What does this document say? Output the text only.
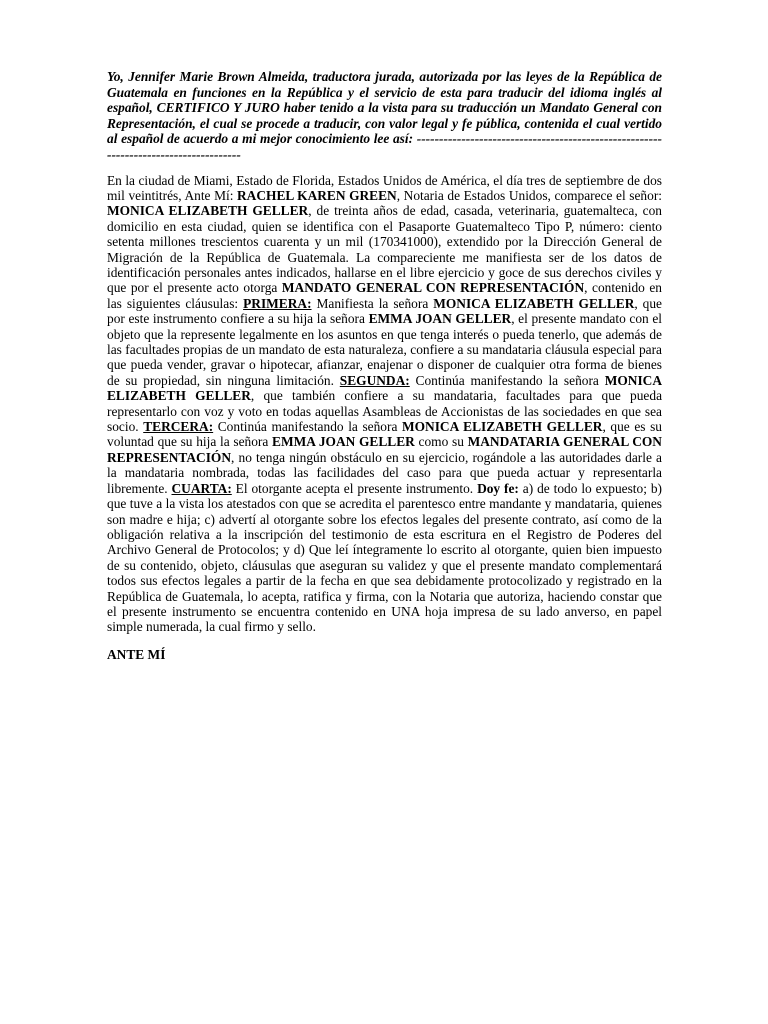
Yo, Jennifer Marie Brown Almeida, traductora jurada, autorizada por las leyes de la República de Guatemala en funciones en la República y el servicio de esta para traducir del idioma inglés al español, CERTIFICO Y JURO haber tenido a la vista para su traducción un Mandato General con Representación, el cual se procede a traducir, con valor legal y fe pública, contenida el cual vertido al español de acuerdo a mi mejor conocimiento lee así: -------------------------------------------------------------------------------------

En la ciudad de Miami, Estado de Florida, Estados Unidos de América, el día tres de septiembre de dos mil veintitrés, Ante Mí: RACHEL KAREN GREEN, Notaria de Estados Unidos, comparece el señor: MONICA ELIZABETH GELLER, de treinta años de edad, casada, veterinaria, guatemalteca, con domicilio en esta ciudad, quien se identifica con el Pasaporte Guatemalteco Tipo P, número: ciento setenta millones trescientos cuarenta y un mil (170341000), extendido por la Dirección General de Migración de la República de Guatemala. La compareciente me manifiesta ser de los datos de identificación personales antes indicados, hallarse en el libre ejercicio y goce de sus derechos civiles y que por el presente acto otorga MANDATO GENERAL CON REPRESENTACIÓN, contenido en las siguientes cláusulas: PRIMERA: Manifiesta la señora MONICA ELIZABETH GELLER, que por este instrumento confiere a su hija la señora EMMA JOAN GELLER, el presente mandato con el objeto que la represente legalmente en los asuntos en que tenga interés o pueda tenerlo, que además de las facultades propias de un mandato de esta naturaleza, confiere a su mandataria cláusula especial para que pueda vender, gravar o hipotecar, afianzar, enajenar o disponer de cualquier otra forma de bienes de su propiedad, sin ninguna limitación. SEGUNDA: Continúa manifestando la señora MONICA ELIZABETH GELLER, que también confiere a su mandataria, facultades para que pueda representarlo con voz y voto en todas aquellas Asambleas de Accionistas de las sociedades en que sea socio. TERCERA: Continúa manifestando la señora MONICA ELIZABETH GELLER, que es su voluntad que su hija la señora EMMA JOAN GELLER como su MANDATARIA GENERAL CON REPRESENTACIÓN, no tenga ningún obstáculo en su ejercicio, rogándole a las autoridades darle a la mandataria nombrada, todas las facilidades del caso para que pueda actuar y representarla libremente. CUARTA: El otorgante acepta el presente instrumento. Doy fe: a) de todo lo expuesto; b) que tuve a la vista los atestados con que se acredita el parentesco entre mandante y mandataria, quienes son madre e hija; c) advertí al otorgante sobre los efectos legales del presente contrato, así como de la obligación relativa a la inscripción del testimonio de esta escritura en el Registro de Poderes del Archivo General de Protocolos; y d) Que leí íntegramente lo escrito al otorgante, quien bien impuesto de su contenido, objeto, cláusulas que aseguran su validez y que el presente mandato complementará todos sus efectos legales a partir de la fecha en que sea debidamente protocolizado y registrado en la República de Guatemala, lo acepta, ratifica y firma, con la Notaria que autoriza, haciendo constar que el presente instrumento se encuentra contenido en UNA hoja impresa de su lado anverso, en papel simple numerada, la cual firmo y sello.

ANTE MÍ
